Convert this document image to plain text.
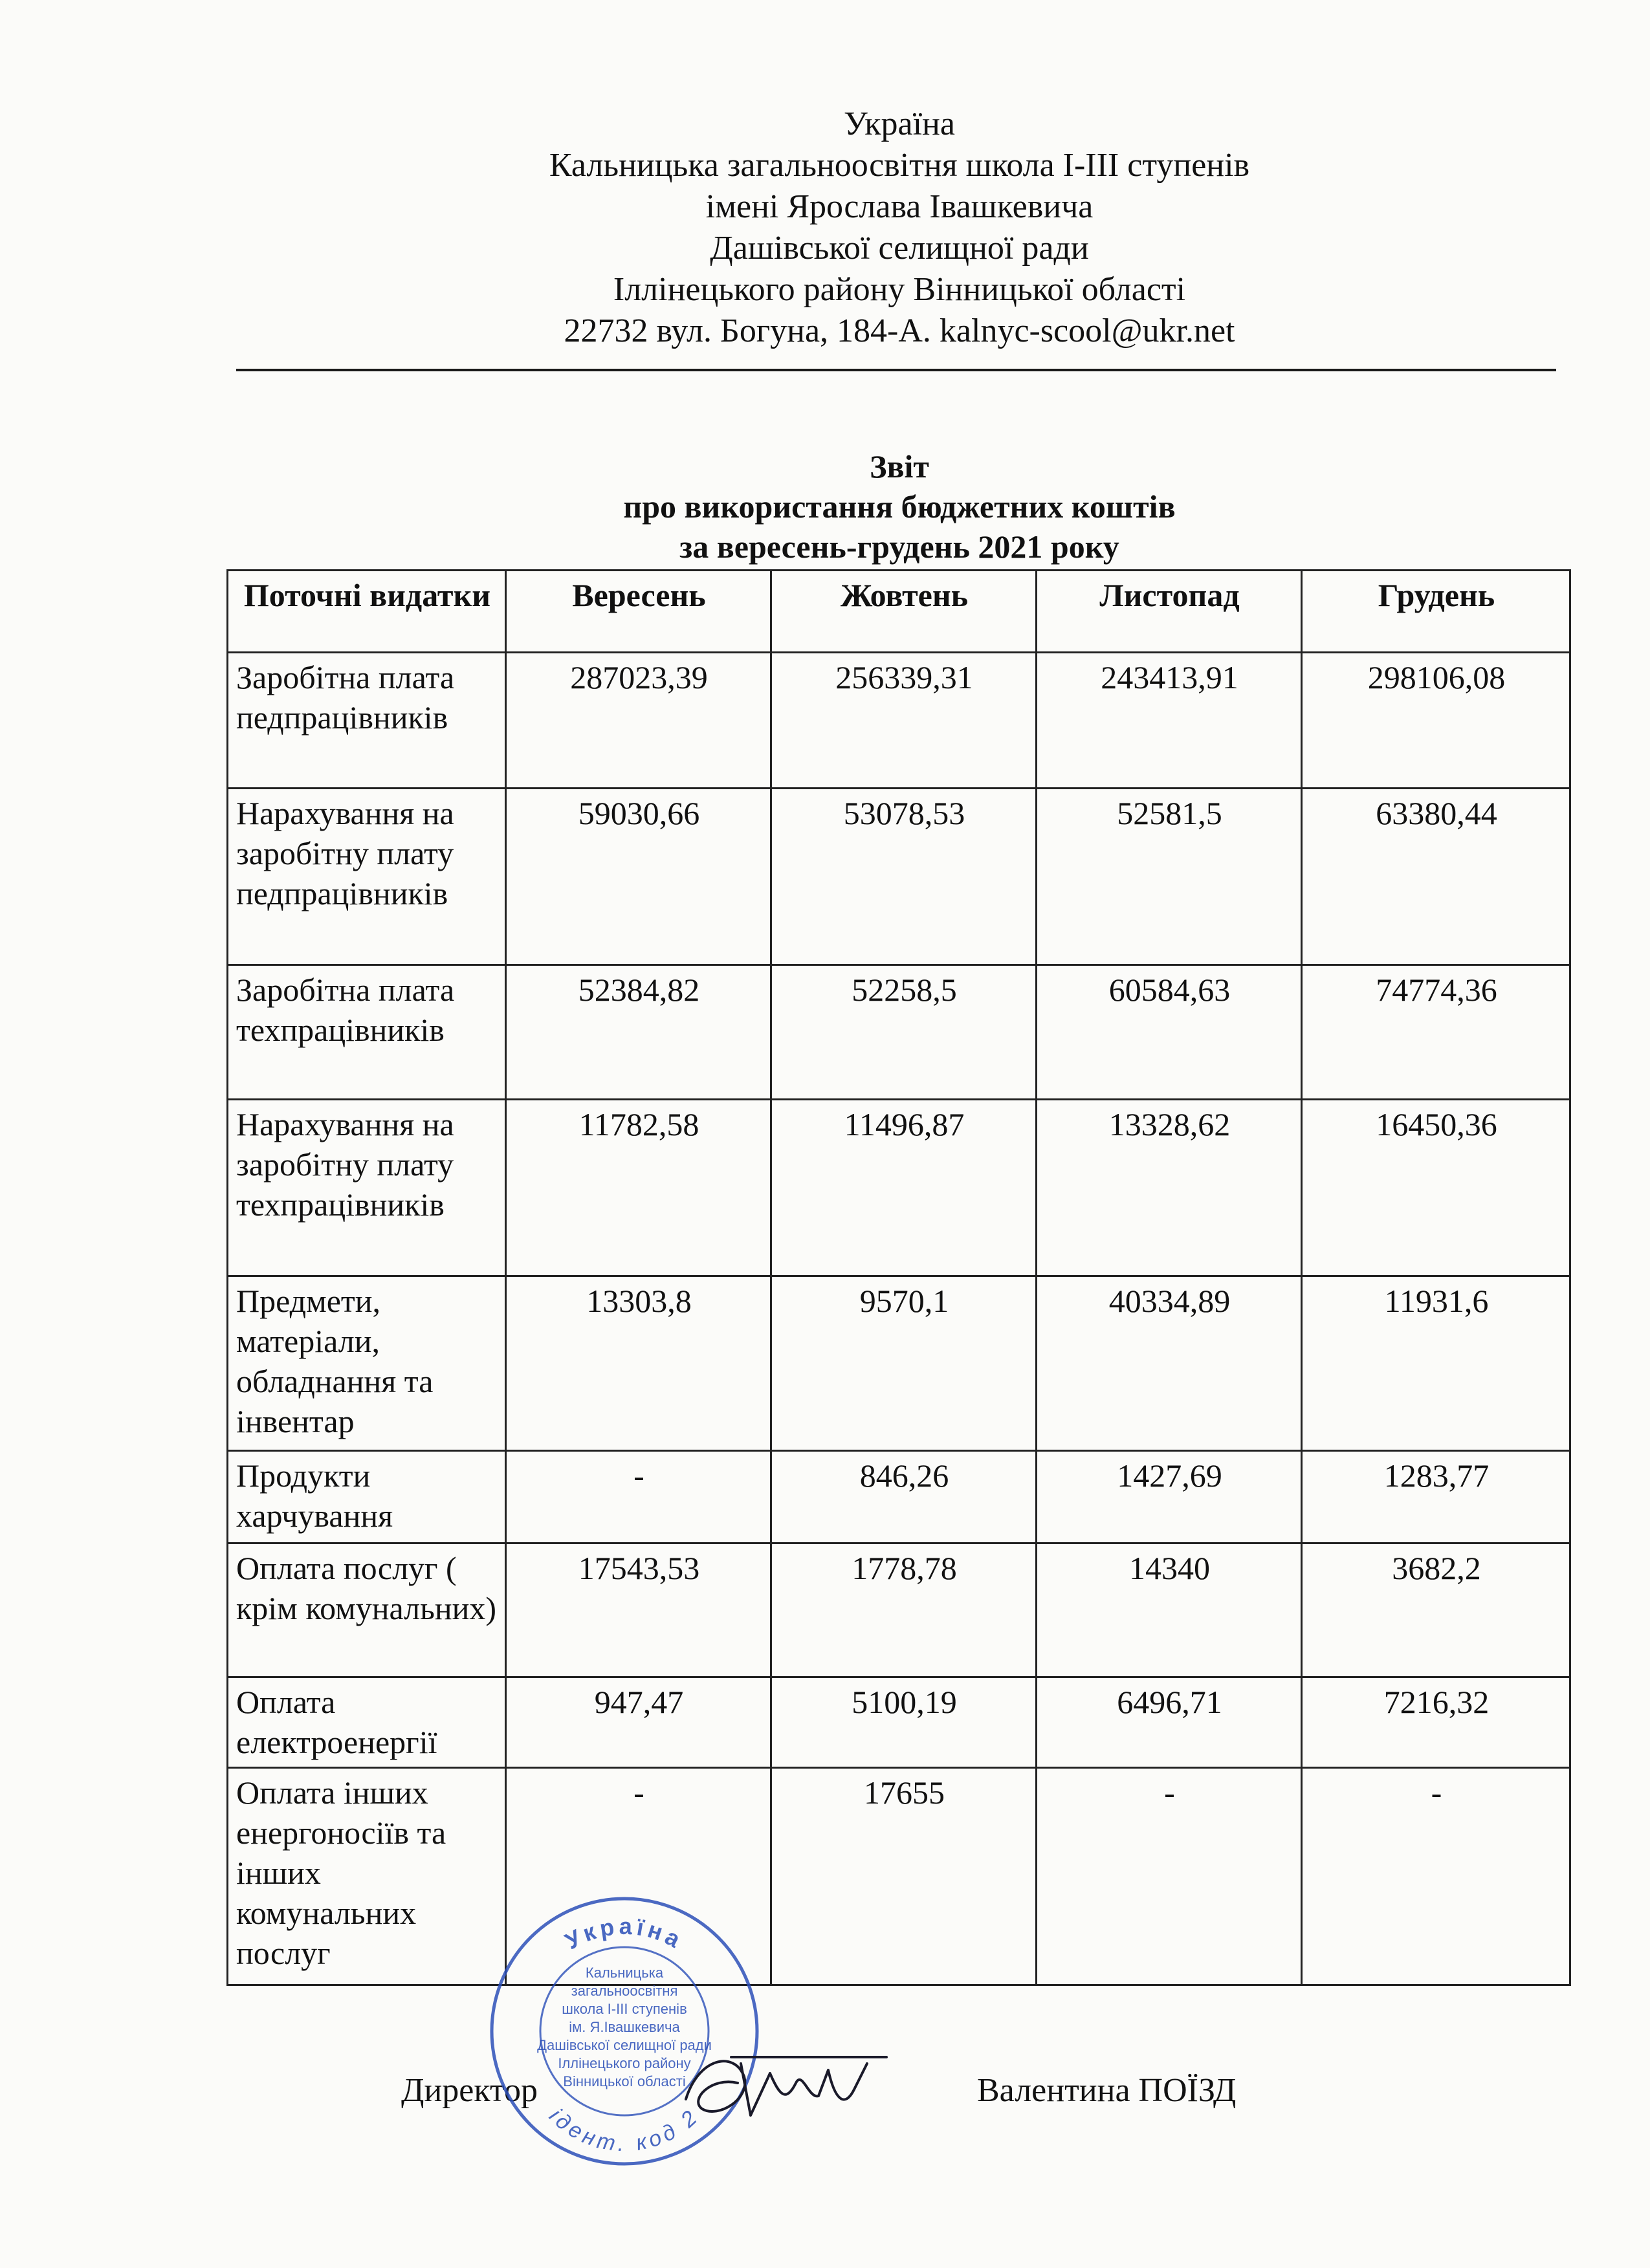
Україна
Кальницька загальноосвітня школа І-ІІІ ступенів
імені Ярослава Івашкевича
Дашівської селищної ради
Іллінецького району Вінницької області
22732 вул. Богуна, 184-А. kalnyc-scool@ukr.net
Звіт
про використання бюджетних коштів
за вересень-грудень 2021 року
Поточні видатки	Вересень	Жовтень	Листопад	Грудень
Заробітна плата педпрацівників	287023,39	256339,31	243413,91	298106,08
Нарахування на заробітну плату педпрацівників	59030,66	53078,53	52581,5	63380,44
Заробітна плата техпрацівників	52384,82	52258,5	60584,63	74774,36
Нарахування на заробітну плату техпрацівників	11782,58	11496,87	13328,62	16450,36
Предмети, матеріали, обладнання та інвентар	13303,8	9570,1	40334,89	11931,6
Продукти харчування	-	846,26	1427,69	1283,77
Оплата послуг ( крім комунальних)	17543,53	1778,78	14340	3682,2
Оплата електроенергії	947,47	5100,19	6496,71	7216,32
Оплата інших енергоносіїв та інших комунальних послуг	-	17655	-	-
Директор	Валентина ПОЇЗД
Україна
ідент. код 2
Кальницька
загальноосвітня
школа І-ІІІ ступенів
ім. Я.Івашкевича
Дашівської селищної ради
Іллінецького району
Вінницької області
